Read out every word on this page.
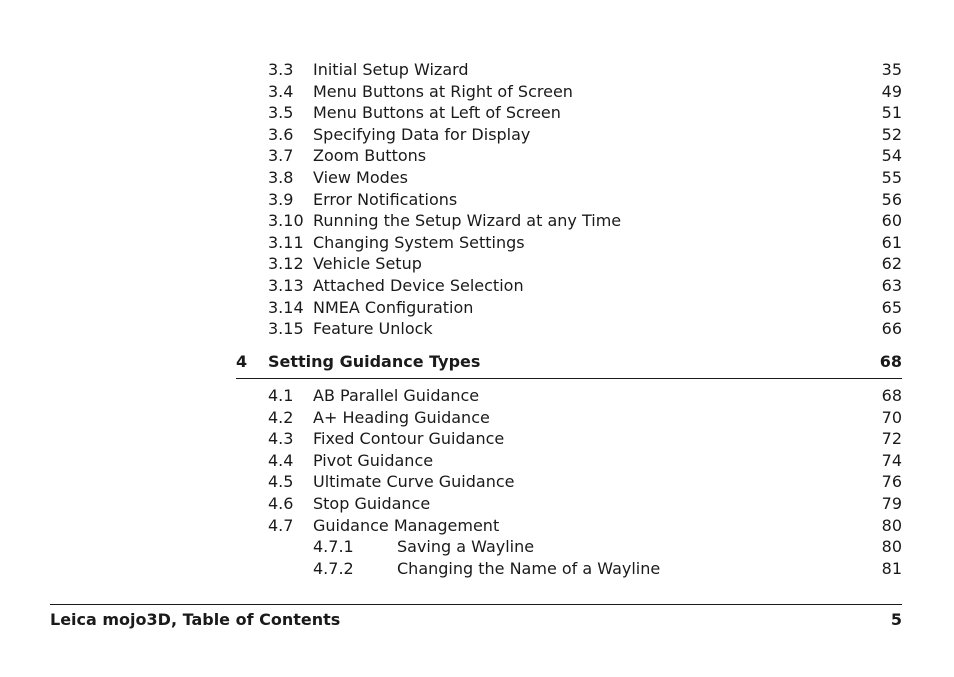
3.3 Initial Setup Wizard	35
3.4 Menu Buttons at Right of Screen	49
3.5 Menu Buttons at Left of Screen	51
3.6 Specifying Data for Display	52
3.7 Zoom Buttons	54
3.8 View Modes	55
3.9 Error Notifications	56
3.10 Running the Setup Wizard at any Time	60
3.11 Changing System Settings	61
3.12 Vehicle Setup	62
3.13 Attached Device Selection	63
3.14 NMEA Configuration	65
3.15 Feature Unlock	66
4 Setting Guidance Types	68
4.1 AB Parallel Guidance	68
4.2 A+ Heading Guidance	70
4.3 Fixed Contour Guidance	72
4.4 Pivot Guidance	74
4.5 Ultimate Curve Guidance	76
4.6 Stop Guidance	79
4.7 Guidance Management	80
4.7.1	Saving a Wayline	80
4.7.2	Changing the Name of a Wayline	81
Leica mojo3D, Table of Contents	5
